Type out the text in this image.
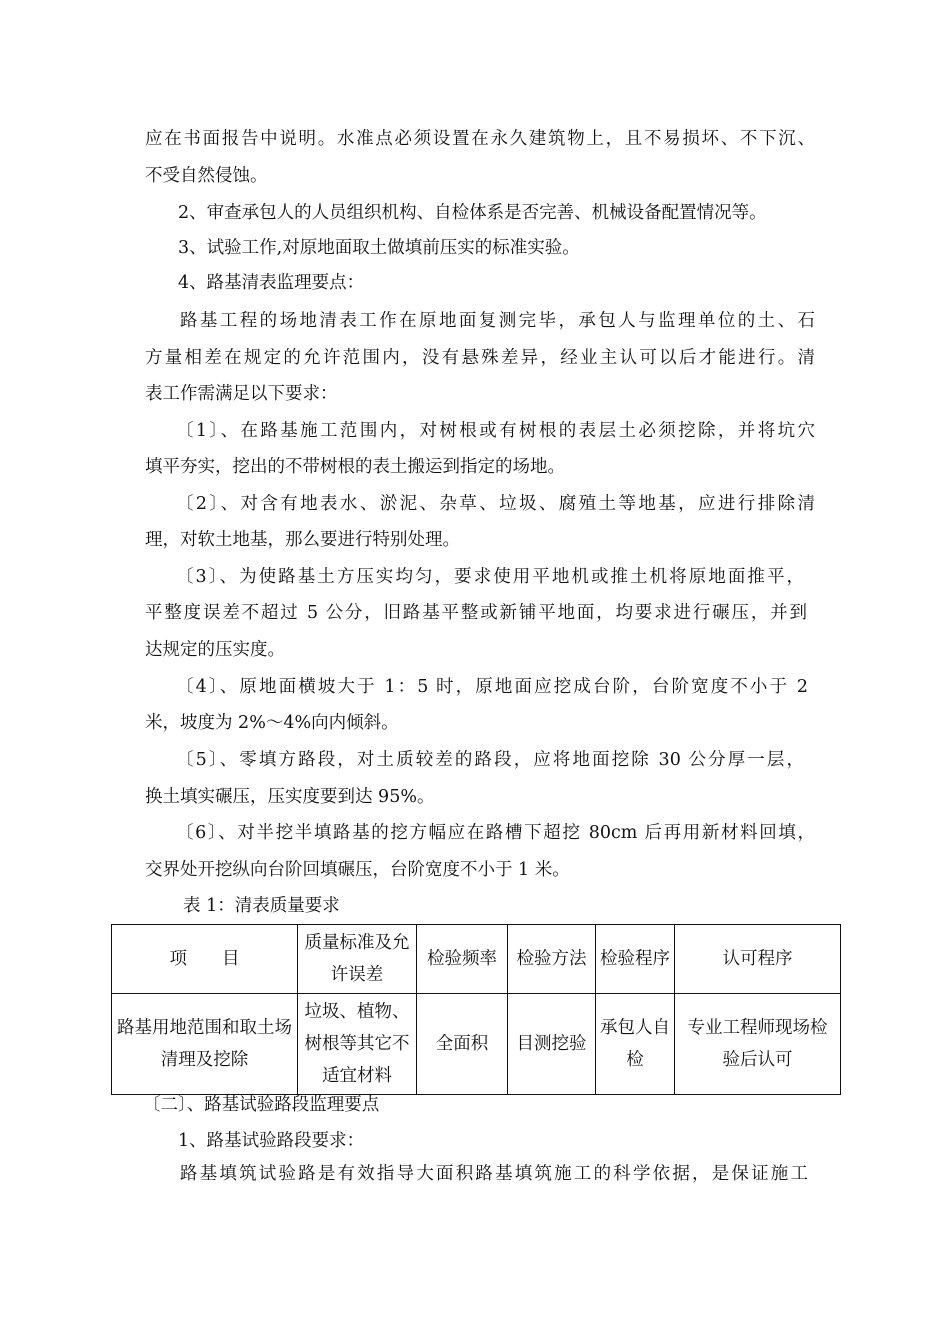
应在书面报告中说明。水准点必须设置在永久建筑物上，且不易损坏、不下沉、
不受自然侵蚀。
2、审查承包人的人员组织机构、自检体系是否完善、机械设备配置情况等。
3、试验工作,对原地面取土做填前压实的标准实验。
4、路基清表监理要点：
路基工程的场地清表工作在原地面复测完毕，承包人与监理单位的土、石
方量相差在规定的允许范围内，没有悬殊差异，经业主认可以后才能进行。清
表工作需满足以下要求：
〔1〕、在路基施工范围内，对树根或有树根的表层土必须挖除，并将坑穴
填平夯实，挖出的不带树根的表土搬运到指定的场地。
〔2〕、对含有地表水、淤泥、杂草、垃圾、腐殖土等地基，应进行排除清
理，对软土地基，那么要进行特别处理。
〔3〕、为使路基土方压实均匀，要求使用平地机或推土机将原地面推平，
平整度误差不超过 5 公分，旧路基平整或新铺平地面，均要求进行碾压，并到
达规定的压实度。
〔4〕、原地面横坡大于 1：5 时，原地面应挖成台阶，台阶宽度不小于 2
米，坡度为 2%～4%向内倾斜。
〔5〕、零填方路段，对土质较差的路段，应将地面挖除 30 公分厚一层，
换土填实碾压，压实度要到达 95%。
〔6〕、对半挖半填路基的挖方幅应在路槽下超挖 80cm 后再用新材料回填，
交界处开挖纵向台阶回填碾压，台阶宽度不小于 1 米。
表 1：清表质量要求
项　　目	质量标准及允许误差	检验频率	检验方法	检验程序	认可程序
路基用地范围和取土场清理及挖除	垃圾、植物、树根等其它不适宜材料	全面积	目测挖验	承包人自检	专业工程师现场检验后认可
〔二〕、路基试验路段监理要点
1、路基试验路段要求：
路基填筑试验路是有效指导大面积路基填筑施工的科学依据，是保证施工
